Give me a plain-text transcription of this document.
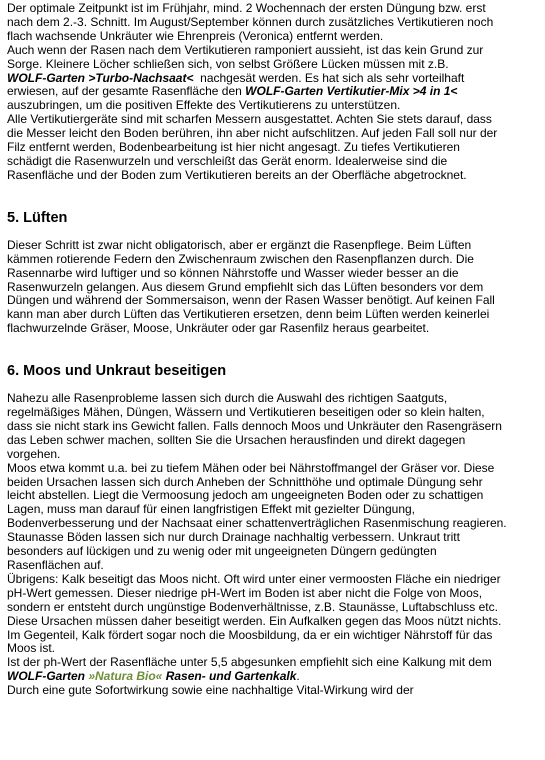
Der optimale Zeitpunkt ist im Frühjahr, mind. 2 Wochennach der ersten Düngung bzw. erst

nach dem 2.-3. Schnitt. Im August/September können durch zusätzliches Vertikutieren noch

flach wachsende Unkräuter wie Ehrenpreis (Veronica) entfernt werden.

Auch wenn der Rasen nach dem Vertikutieren ramponiert aussieht, ist das kein Grund zur

Sorge. Kleinere Löcher schließen sich, von selbst Größere Lücken müssen mit z.B.

WOLF-Garten >Turbo-Nachsaat<  nachgesät werden. Es hat sich als sehr vorteilhaft

erwiesen, auf der gesamte Rasenfläche den WOLF-Garten Vertikutier-Mix >4 in 1<

auszubringen, um die positiven Effekte des Vertikutierens zu unterstützen.

Alle Vertikutiergeräte sind mit scharfen Messern ausgestattet. Achten Sie stets darauf, dass

die Messer leicht den Boden berühren, ihn aber nicht aufschlitzen. Auf jeden Fall soll nur der

Filz entfernt werden, Bodenbearbeitung ist hier nicht angesagt. Zu tiefes Vertikutieren

schädigt die Rasenwurzeln und verschleißt das Gerät enorm. Idealerweise sind die

Rasenfläche und der Boden zum Vertikutieren bereits an der Oberfläche abgetrocknet.

5. Lüften

Dieser Schritt ist zwar nicht obligatorisch, aber er ergänzt die Rasenpflege. Beim Lüften

kämmen rotierende Federn den Zwischenraum zwischen den Rasenpflanzen durch. Die

Rasennarbe wird luftiger und so können Nährstoffe und Wasser wieder besser an die

Rasenwurzeln gelangen. Aus diesem Grund empfiehlt sich das Lüften besonders vor dem

Düngen und während der Sommersaison, wenn der Rasen Wasser benötigt. Auf keinen Fall

kann man aber durch Lüften das Vertikutieren ersetzen, denn beim Lüften werden keinerlei

flachwurzelnde Gräser, Moose, Unkräuter oder gar Rasenfilz heraus gearbeitet.

6. Moos und Unkraut beseitigen

Nahezu alle Rasenprobleme lassen sich durch die Auswahl des richtigen Saatguts,

regelmäßiges Mähen, Düngen, Wässern und Vertikutieren beseitigen oder so klein halten,

dass sie nicht stark ins Gewicht fallen. Falls dennoch Moos und Unkräuter den Rasengräsern

das Leben schwer machen, sollten Sie die Ursachen herausfinden und direkt dagegen

vorgehen.

Moos etwa kommt u.a. bei zu tiefem Mähen oder bei Nährstoffmangel der Gräser vor. Diese

beiden Ursachen lassen sich durch Anheben der Schnitthöhe und optimale Düngung sehr

leicht abstellen. Liegt die Vermoosung jedoch am ungeeigneten Boden oder zu schattigen

Lagen, muss man darauf für einen langfristigen Effekt mit gezielter Düngung,

Bodenverbesserung und der Nachsaat einer schattenverträglichen Rasenmischung reagieren.

Staunasse Böden lassen sich nur durch Drainage nachhaltig verbessern. Unkraut tritt

besonders auf lückigen und zu wenig oder mit ungeeigneten Düngern gedüngten

Rasenflächen auf.

Übrigens: Kalk beseitigt das Moos nicht. Oft wird unter einer vermoosten Fläche ein niedriger

pH-Wert gemessen. Dieser niedrige pH-Wert im Boden ist aber nicht die Folge von Moos,

sondern er entsteht durch ungünstige Bodenverhältnisse, z.B. Staunässe, Luftabschluss etc.

Diese Ursachen müssen daher beseitigt werden. Ein Aufkalken gegen das Moos nützt nichts.

Im Gegenteil, Kalk fördert sogar noch die Moosbildung, da er ein wichtiger Nährstoff für das

Moos ist.

Ist der ph-Wert der Rasenfläche unter 5,5 abgesunken empfiehlt sich eine Kalkung mit dem

WOLF-Garten »Natura Bio« Rasen- und Gartenkalk.

Durch eine gute Sofortwirkung sowie eine nachhaltige Vital-Wirkung wird der
